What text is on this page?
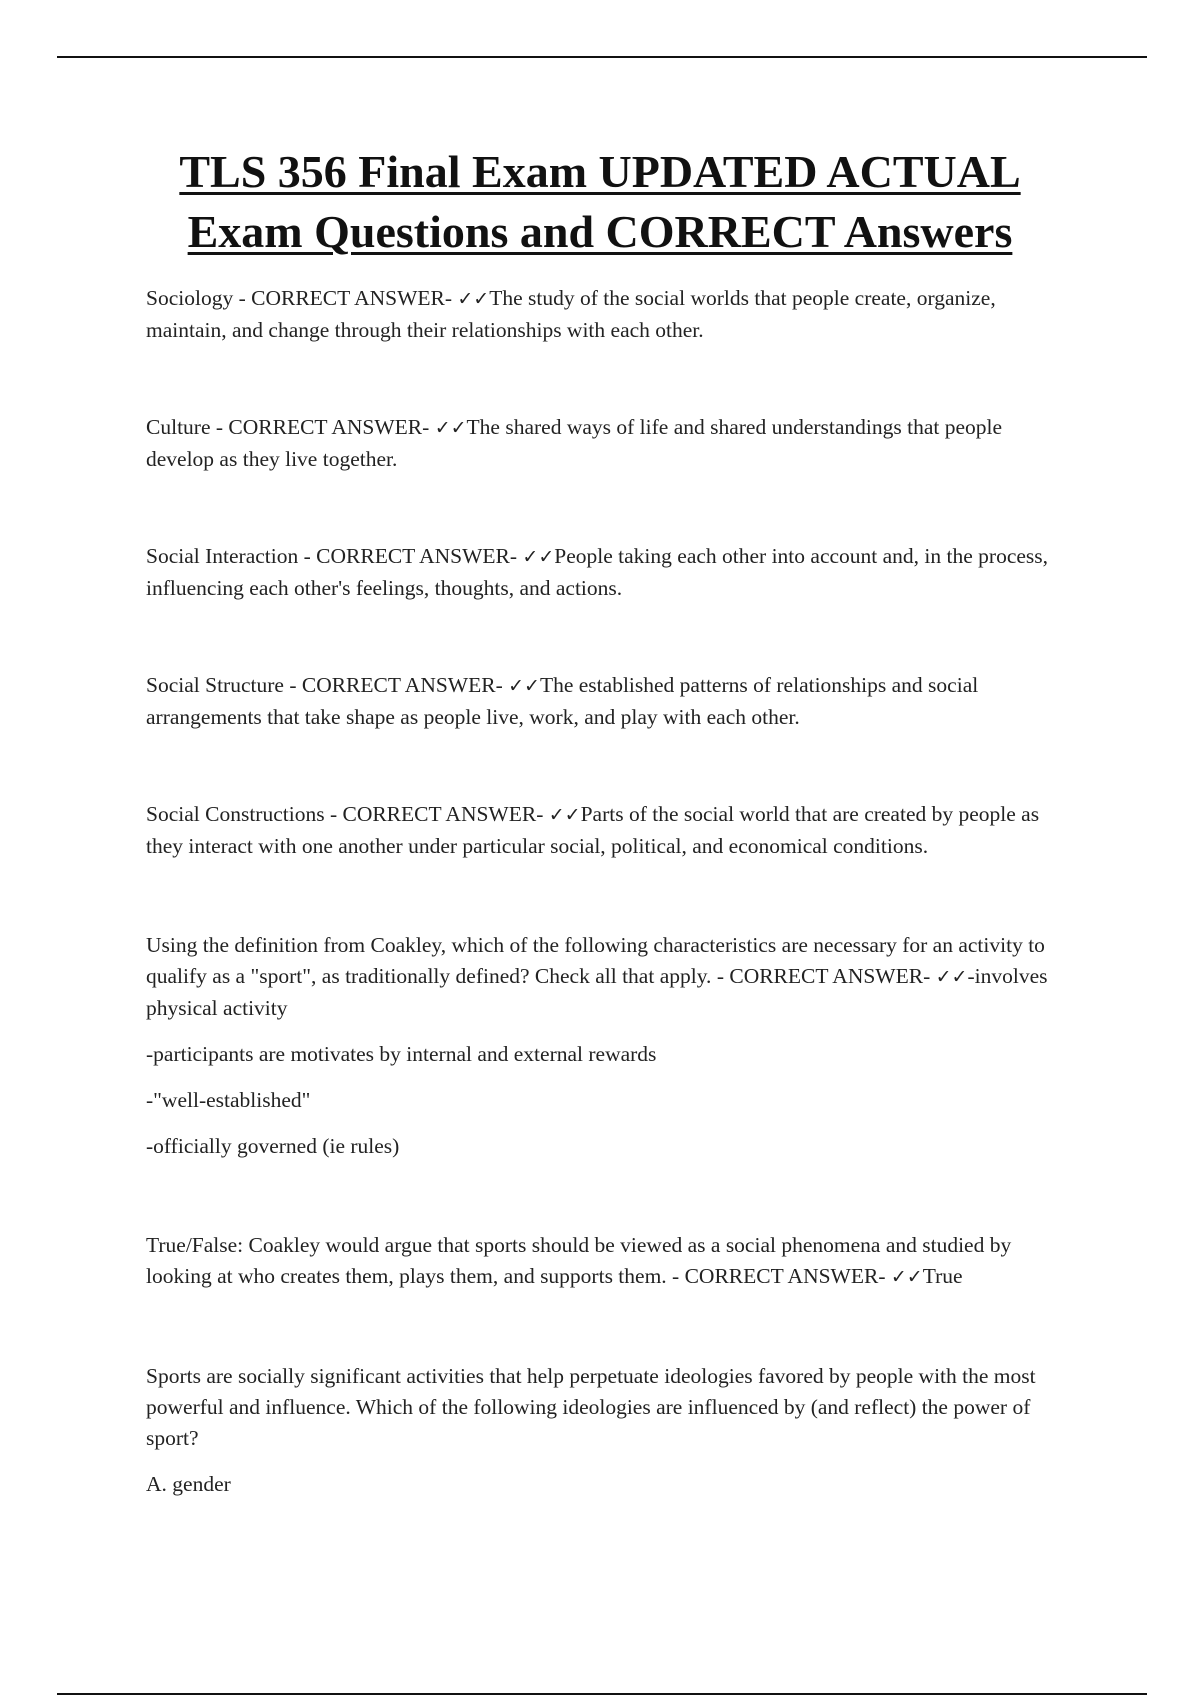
TLS 356 Final Exam UPDATED ACTUAL
Exam Questions and CORRECT Answers

Sociology - CORRECT ANSWER- ✓✓The study of the social worlds that people create, organize, maintain, and change through their relationships with each other.

Culture - CORRECT ANSWER- ✓✓The shared ways of life and shared understandings that people develop as they live together.

Social Interaction - CORRECT ANSWER- ✓✓People taking each other into account and, in the process, influencing each other's feelings, thoughts, and actions.

Social Structure - CORRECT ANSWER- ✓✓The established patterns of relationships and social arrangements that take shape as people live, work, and play with each other.

Social Constructions - CORRECT ANSWER- ✓✓Parts of the social world that are created by people as they interact with one another under particular social, political, and economical conditions.

Using the definition from Coakley, which of the following characteristics are necessary for an activity to qualify as a "sport", as traditionally defined? Check all that apply. - CORRECT ANSWER- ✓✓-involves physical activity

-participants are motivates by internal and external rewards

-"well-established"

-officially governed (ie rules)

True/False: Coakley would argue that sports should be viewed as a social phenomena and studied by looking at who creates them, plays them, and supports them. - CORRECT ANSWER- ✓✓True

Sports are socially significant activities that help perpetuate ideologies favored by people with the most powerful and influence. Which of the following ideologies are influenced by (and reflect) the power of sport?

A. gender
